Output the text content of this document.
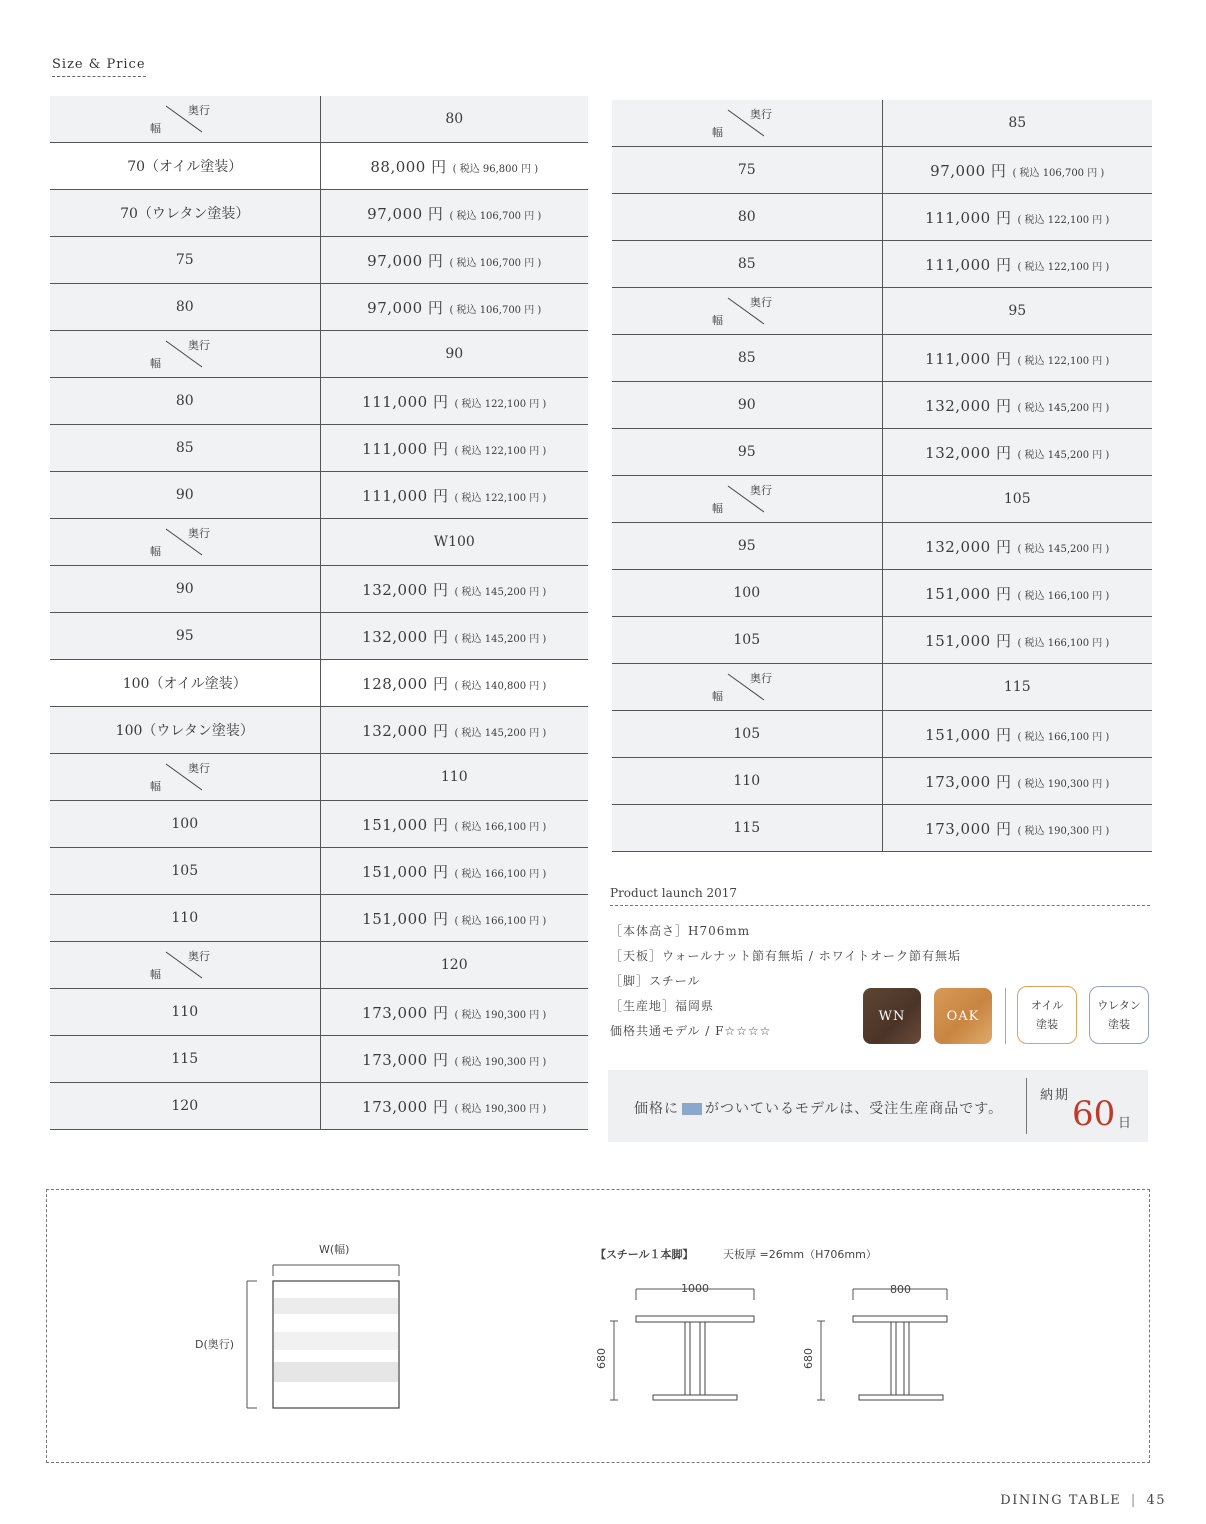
Size & Price
奥行
幅	80
70（オイル塗装）	88,000 円 ( 税込 96,800 円 )
70（ウレタン塗装）	97,000 円 ( 税込 106,700 円 )
75	97,000 円 ( 税込 106,700 円 )
80	97,000 円 ( 税込 106,700 円 )

奥行
幅	90
80	111,000 円 ( 税込 122,100 円 )
85	111,000 円 ( 税込 122,100 円 )
90	111,000 円 ( 税込 122,100 円 )

奥行
幅	W100
90	132,000 円 ( 税込 145,200 円 )
95	132,000 円 ( 税込 145,200 円 )
100（オイル塗装）	128,000 円 ( 税込 140,800 円 )
100（ウレタン塗装）	132,000 円 ( 税込 145,200 円 )

奥行
幅	110
100	151,000 円 ( 税込 166,100 円 )
105	151,000 円 ( 税込 166,100 円 )
110	151,000 円 ( 税込 166,100 円 )

奥行
幅	120
110	173,000 円 ( 税込 190,300 円 )
115	173,000 円 ( 税込 190,300 円 )
120	173,000 円 ( 税込 190,300 円 )
奥行
幅	85
75	97,000 円 ( 税込 106,700 円 )
80	111,000 円 ( 税込 122,100 円 )
85	111,000 円 ( 税込 122,100 円 )

奥行
幅	95
85	111,000 円 ( 税込 122,100 円 )
90	132,000 円 ( 税込 145,200 円 )
95	132,000 円 ( 税込 145,200 円 )

奥行
幅	105
95	132,000 円 ( 税込 145,200 円 )
100	151,000 円 ( 税込 166,100 円 )
105	151,000 円 ( 税込 166,100 円 )

奥行
幅	115
105	151,000 円 ( 税込 166,100 円 )
110	173,000 円 ( 税込 190,300 円 )
115	173,000 円 ( 税込 190,300 円 )
Product launch 2017
［本体高さ］H706mm
［天板］ウォールナット節有無垢 / ホワイトオーク節有無垢
［脚］スチール
［生産地］福岡県
価格共通モデル / F☆☆☆☆
WN	OAK
オイル
塗装
ウレタン
塗装
価格に がついているモデルは、受注生産商品です。
納期 60 日
W(幅)
D(奥行)
【スチール１本脚】	天板厚 =26mm（H706mm）
1000	800
680	680
DINING TABLE | 45
